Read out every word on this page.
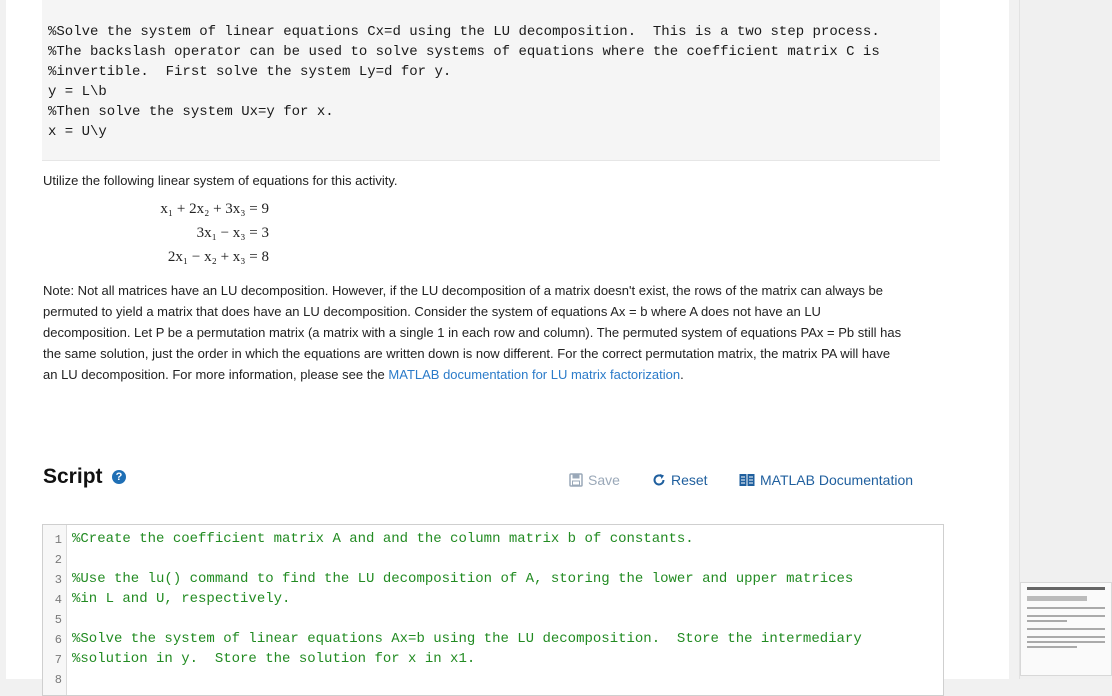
%Solve the system of linear equations Cx=d using the LU decomposition.  This is a two step process.
%The backslash operator can be used to solve systems of equations where the coefficient matrix C is
%invertible.  First solve the system Ly=d for y.
y = L\b
%Then solve the system Ux=y for x.
x = U\y
Utilize the following linear system of equations for this activity.
x₁ + 2x₂ + 3x₃ = 9
3x₁ − x₃ = 3
2x₁ − x₂ + x₃ = 8
Note: Not all matrices have an LU decomposition. However, if the LU decomposition of a matrix doesn't exist, the rows of the matrix can always be permuted to yield a matrix that does have an LU decomposition. Consider the system of equations Ax = b where A does not have an LU decomposition. Let P be a permutation matrix (a matrix with a single 1 in each row and column). The permuted system of equations PAx = Pb still has the same solution, just the order in which the equations are written down is now different. For the correct permutation matrix, the matrix PA will have an LU decomposition. For more information, please see the MATLAB documentation for LU matrix factorization.
Script	?	Save	Reset	MATLAB Documentation
1 %Create the coefficient matrix A and and the column matrix b of constants.
2
3 %Use the lu() command to find the LU decomposition of A, storing the lower and upper matrices
4 %in L and U, respectively.
5
6 %Solve the system of linear equations Ax=b using the LU decomposition.  Store the intermediary
7 %solution in y.  Store the solution for x in x1.
8
